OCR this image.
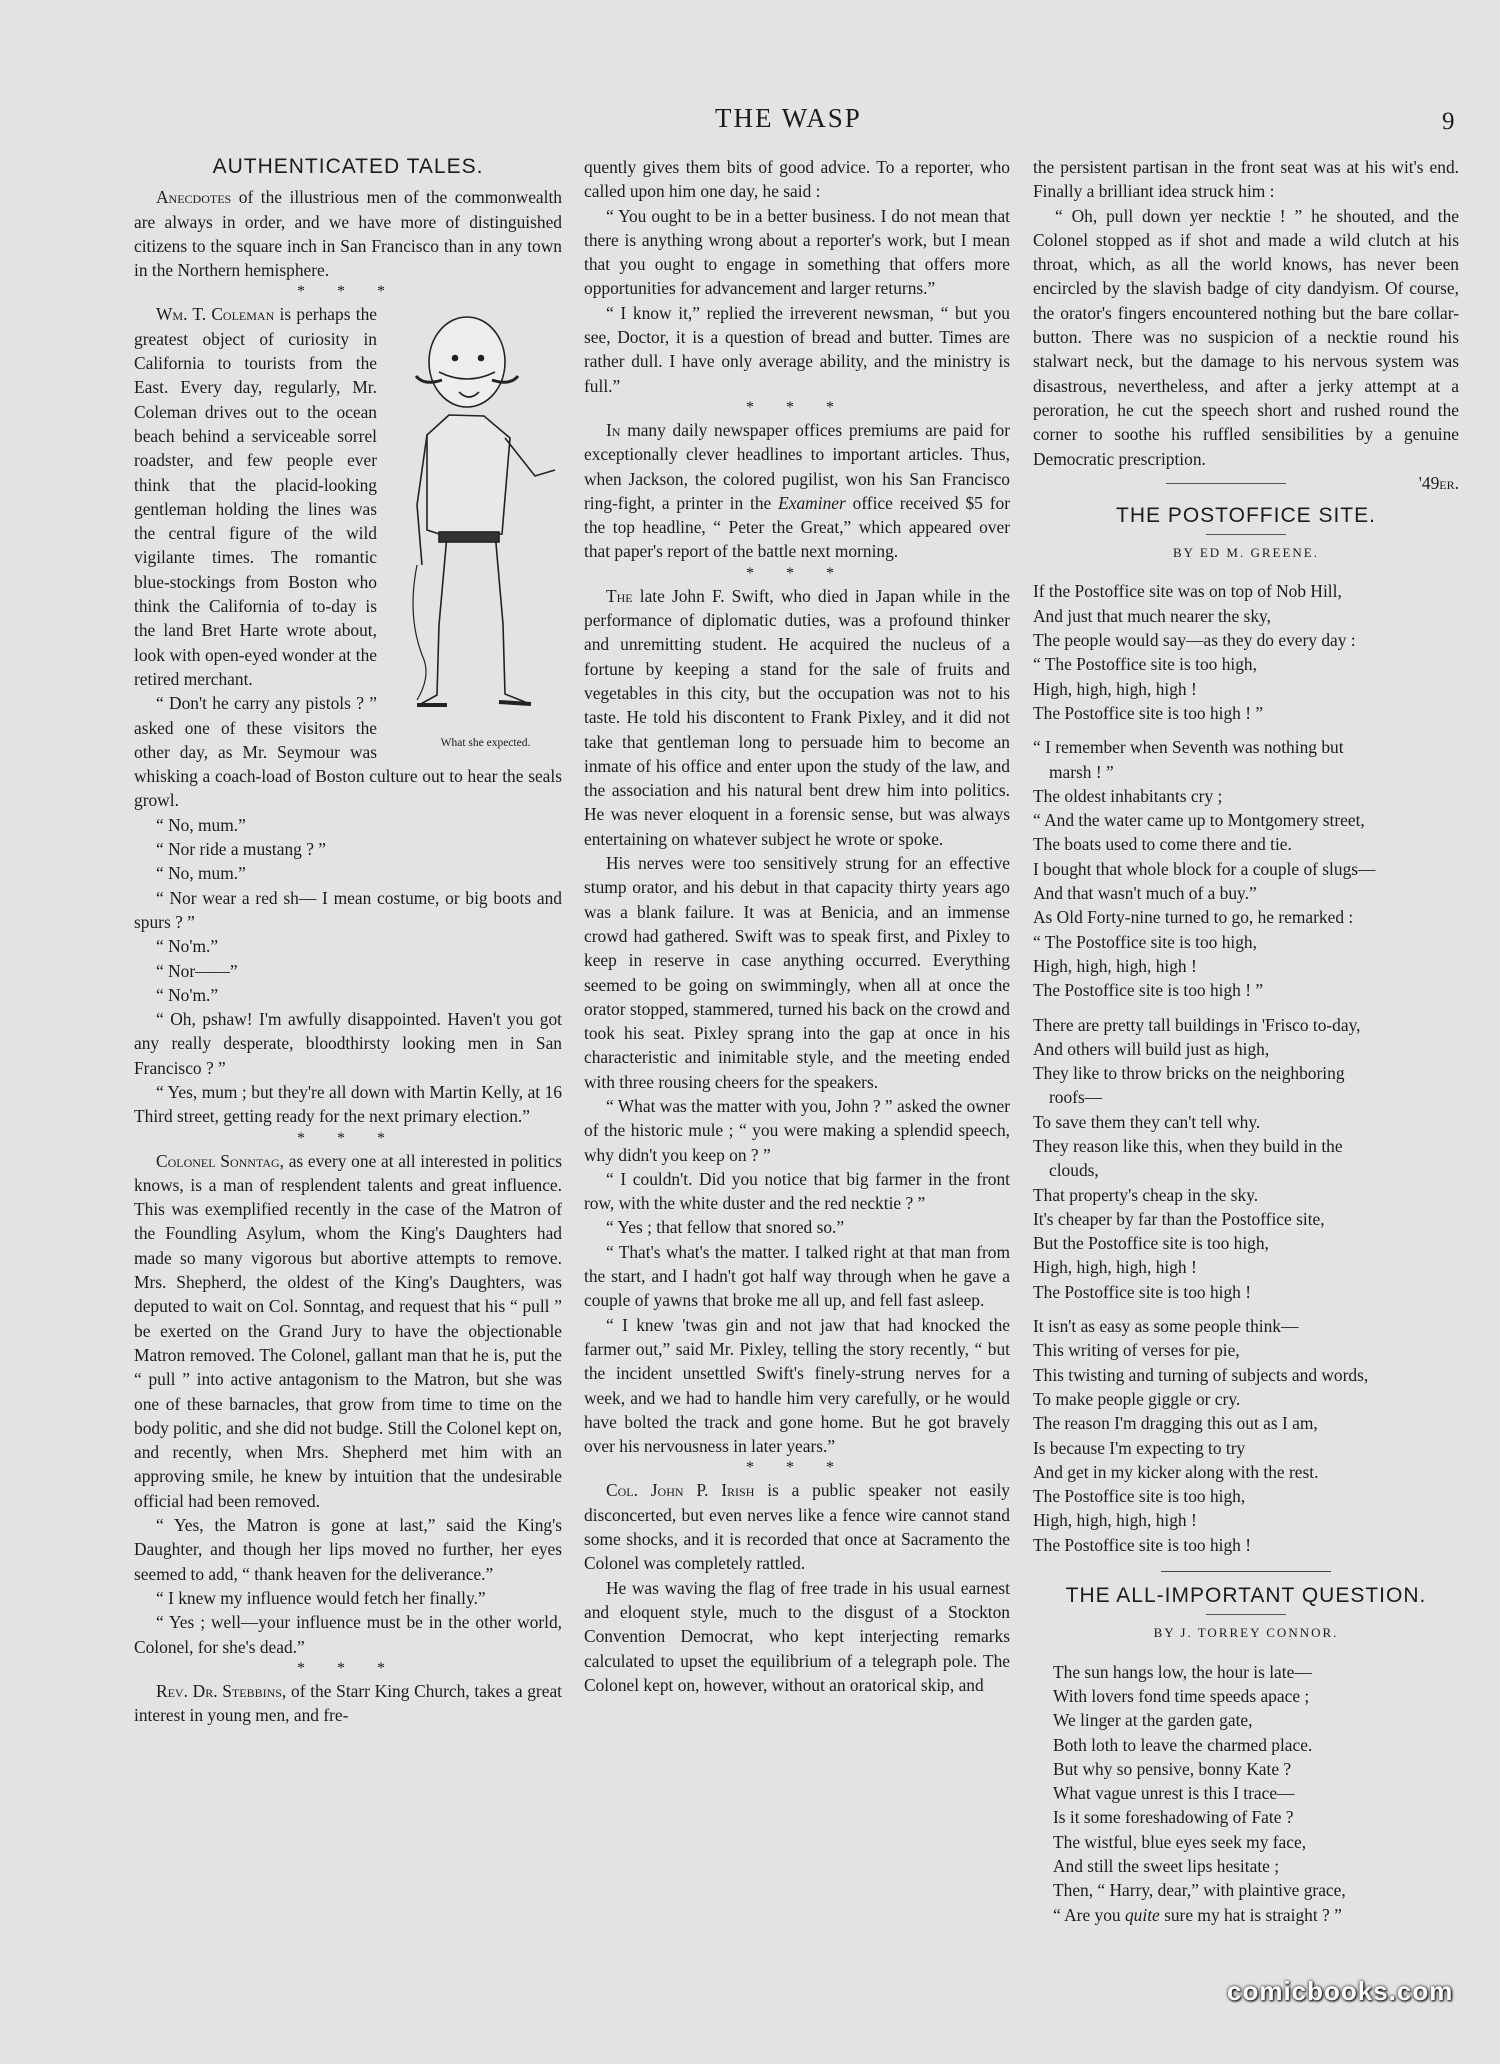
THE WASP	9

AUTHENTICATED TALES.

Anecdotes of the illustrious men of the commonwealth are always in order, and we have more of distinguished citizens to the square inch in San Francisco than in any town in the Northern hemisphere.

* * *

What she expected.
Wm. T. Coleman is perhaps the greatest object of curiosity in California to tourists from the East. Every day, regularly, Mr. Coleman drives out to the ocean beach behind a serviceable sorrel roadster, and few people ever think that the placid-looking gentleman holding the lines was the central figure of the wild vigilante times. The romantic blue-stockings from Boston who think the California of to-day is the land Bret Harte wrote about, look with open-eyed wonder at the retired merchant.

“ Don't he carry any pistols ? ” asked one of these visitors the other day, as Mr. Seymour was whisking a coach-load of Boston culture out to hear the seals growl.

“ No, mum.”

“ Nor ride a mustang ? ”

“ No, mum.”

“ Nor wear a red sh— I mean costume, or big boots and spurs ? ”

“ No'm.”

“ Nor——”

“ No'm.”

“ Oh, pshaw! I'm awfully disappointed. Haven't you got any really desperate, bloodthirsty looking men in San Francisco ? ”

“ Yes, mum ; but they're all down with Martin Kelly, at 16 Third street, getting ready for the next primary election.”

* * *

Colonel Sonntag, as every one at all interested in politics knows, is a man of resplendent talents and great influence. This was exemplified recently in the case of the Matron of the Foundling Asylum, whom the King's Daughters had made so many vigorous but abortive attempts to remove. Mrs. Shepherd, the oldest of the King's Daughters, was deputed to wait on Col. Sonntag, and request that his “ pull ” be exerted on the Grand Jury to have the objectionable Matron removed. The Colonel, gallant man that he is, put the “ pull ” into active antagonism to the Matron, but she was one of these barnacles, that grow from time to time on the body politic, and she did not budge. Still the Colonel kept on, and recently, when Mrs. Shepherd met him with an approving smile, he knew by intuition that the undesirable official had been removed.

“ Yes, the Matron is gone at last,” said the King's Daughter, and though her lips moved no further, her eyes seemed to add, “ thank heaven for the deliverance.”

“ I knew my influence would fetch her finally.”

“ Yes ; well—your influence must be in the other world, Colonel, for she's dead.”

* * *

Rev. Dr. Stebbins, of the Starr King Church, takes a great interest in young men, and fre-

quently gives them bits of good advice. To a reporter, who called upon him one day, he said :

“ You ought to be in a better business. I do not mean that there is anything wrong about a reporter's work, but I mean that you ought to engage in something that offers more opportunities for advancement and larger returns.”

“ I know it,” replied the irreverent newsman, “ but you see, Doctor, it is a question of bread and butter. Times are rather dull. I have only average ability, and the ministry is full.”

* * *

In many daily newspaper offices premiums are paid for exceptionally clever headlines to important articles. Thus, when Jackson, the colored pugilist, won his San Francisco ring-fight, a printer in the Examiner office received $5 for the top headline, “ Peter the Great,” which appeared over that paper's report of the battle next morning.

* * *

The late John F. Swift, who died in Japan while in the performance of diplomatic duties, was a profound thinker and unremitting student. He acquired the nucleus of a fortune by keeping a stand for the sale of fruits and vegetables in this city, but the occupation was not to his taste. He told his discontent to Frank Pixley, and it did not take that gentleman long to persuade him to become an inmate of his office and enter upon the study of the law, and the association and his natural bent drew him into politics. He was never eloquent in a forensic sense, but was always entertaining on whatever subject he wrote or spoke.

His nerves were too sensitively strung for an effective stump orator, and his debut in that capacity thirty years ago was a blank failure. It was at Benicia, and an immense crowd had gathered. Swift was to speak first, and Pixley to keep in reserve in case anything occurred. Everything seemed to be going on swimmingly, when all at once the orator stopped, stammered, turned his back on the crowd and took his seat. Pixley sprang into the gap at once in his characteristic and inimitable style, and the meeting ended with three rousing cheers for the speakers.

“ What was the matter with you, John ? ” asked the owner of the historic mule ; “ you were making a splendid speech, why didn't you keep on ? ”

“ I couldn't. Did you notice that big farmer in the front row, with the white duster and the red necktie ? ”

“ Yes ; that fellow that snored so.”

“ That's what's the matter. I talked right at that man from the start, and I hadn't got half way through when he gave a couple of yawns that broke me all up, and fell fast asleep.

“ I knew 'twas gin and not jaw that had knocked the farmer out,” said Mr. Pixley, telling the story recently, “ but the incident unsettled Swift's finely-strung nerves for a week, and we had to handle him very carefully, or he would have bolted the track and gone home. But he got bravely over his nervousness in later years.”

* * *

Col. John P. Irish is a public speaker not easily disconcerted, but even nerves like a fence wire cannot stand some shocks, and it is recorded that once at Sacramento the Colonel was completely rattled.

He was waving the flag of free trade in his usual earnest and eloquent style, much to the disgust of a Stockton Convention Democrat, who kept interjecting remarks calculated to upset the equilibrium of a telegraph pole. The Colonel kept on, however, without an oratorical skip, and

the persistent partisan in the front seat was at his wit's end. Finally a brilliant idea struck him :

“ Oh, pull down yer necktie ! ” he shouted, and the Colonel stopped as if shot and made a wild clutch at his throat, which, as all the world knows, has never been encircled by the slavish badge of city dandyism. Of course, the orator's fingers encountered nothing but the bare collar-button. There was no suspicion of a necktie round his stalwart neck, but the damage to his nervous system was disastrous, nevertheless, and after a jerky attempt at a peroration, he cut the speech short and rushed round the corner to soothe his ruffled sensibilities by a genuine Democratic prescription.

'49er.

THE POSTOFFICE SITE.

BY ED M. GREENE.
If the Postoffice site was on top of Nob Hill,
And just that much nearer the sky,
The people would say—as they do every day :
“ The Postoffice site is too high,
High, high, high, high !
The Postoffice site is too high ! ”
“ I remember when Seventh was nothing but
marsh ! ”
The oldest inhabitants cry ;
“ And the water came up to Montgomery street,
The boats used to come there and tie.
I bought that whole block for a couple of slugs—
And that wasn't much of a buy.”
As Old Forty-nine turned to go, he remarked :
“ The Postoffice site is too high,
High, high, high, high !
The Postoffice site is too high ! ”
There are pretty tall buildings in 'Frisco to-day,
And others will build just as high,
They like to throw bricks on the neighboring
roofs—
To save them they can't tell why.
They reason like this, when they build in the
clouds,
That property's cheap in the sky.
It's cheaper by far than the Postoffice site,
But the Postoffice site is too high,
High, high, high, high !
The Postoffice site is too high !
It isn't as easy as some people think—
This writing of verses for pie,
This twisting and turning of subjects and words,
To make people giggle or cry.
The reason I'm dragging this out as I am,
Is because I'm expecting to try
And get in my kicker along with the rest.
The Postoffice site is too high,
High, high, high, high !
The Postoffice site is too high !

THE ALL-IMPORTANT QUESTION.

BY J. TORREY CONNOR.
The sun hangs low, the hour is late—
With lovers fond time speeds apace ;
We linger at the garden gate,
Both loth to leave the charmed place.
But why so pensive, bonny Kate ?
What vague unrest is this I trace—
Is it some foreshadowing of Fate ?
The wistful, blue eyes seek my face,
And still the sweet lips hesitate ;
Then, “ Harry, dear,” with plaintive grace,
“ Are you quite sure my hat is straight ? ”
comicbooks.com
